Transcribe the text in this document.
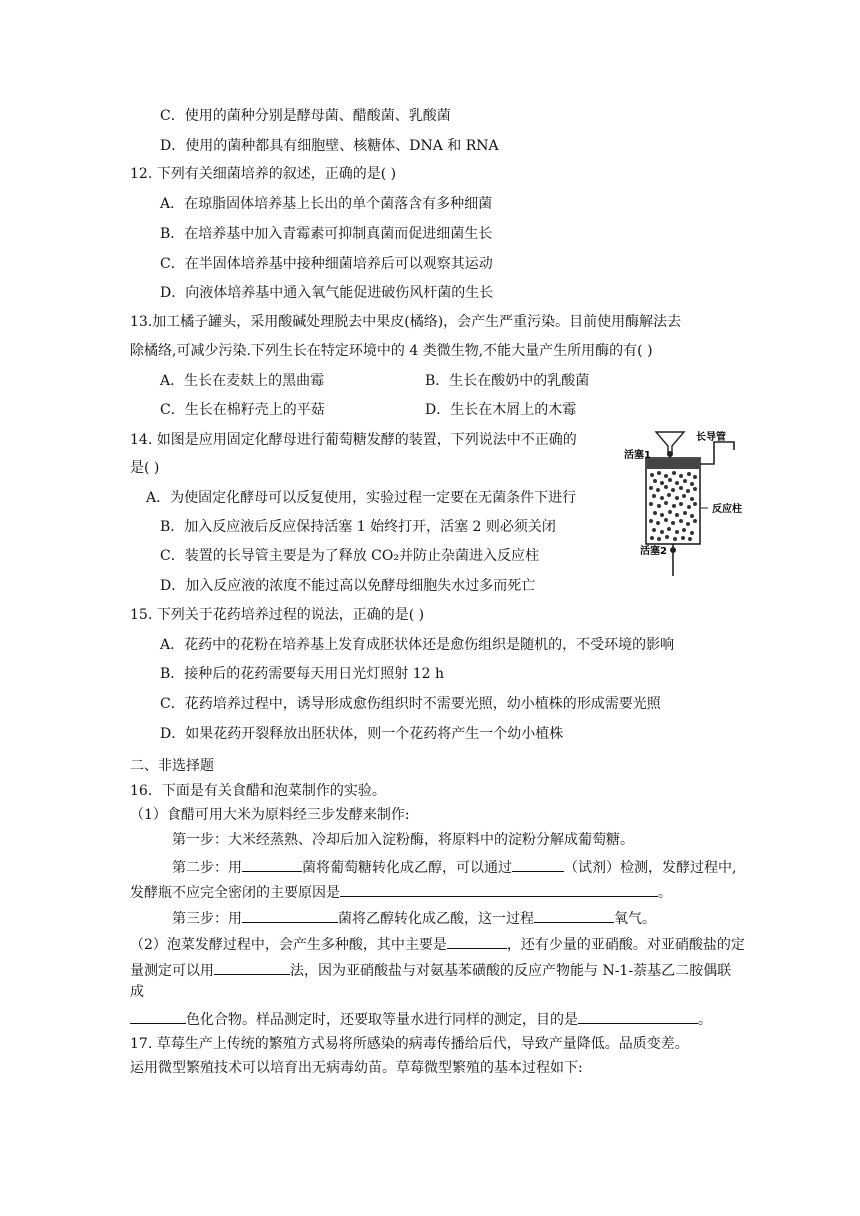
C．使用的菌种分别是酵母菌、醋酸菌、乳酸菌
D．使用的菌种都具有细胞壁、核糖体、DNA 和 RNA
12. 下列有关细菌培养的叙述，正确的是( )
A．在琼脂固体培养基上长出的单个菌落含有多种细菌
B．在培养基中加入青霉素可抑制真菌而促进细菌生长
C．在半固体培养基中接种细菌培养后可以观察其运动
D．向液体培养基中通入氧气能促进破伤风杆菌的生长
13.加工橘子罐头，采用酸碱处理脱去中果皮(橘络)，会产生严重污染。目前使用酶解法去
除橘络,可减少污染.下列生长在特定环境中的 4 类微生物,不能大量产生所用酶的有( )
A．生长在麦麸上的黑曲霉	B．生长在酸奶中的乳酸菌
C．生长在棉籽壳上的平菇	D．生长在木屑上的木霉
14. 如图是应用固定化酵母进行葡萄糖发酵的装置，下列说法中不正确的
是( )
A．为使固定化酵母可以反复使用，实验过程一定要在无菌条件下进行
B．加入反应液后反应保持活塞 1 始终打开，活塞 2 则必须关闭
C．装置的长导管主要是为了释放 CO₂并防止杂菌进入反应柱
D．加入反应液的浓度不能过高以免酵母细胞失水过多而死亡
长导管
活塞1
反应柱
活塞2
15. 下列关于花药培养过程的说法，正确的是( )
A．花药中的花粉在培养基上发育成胚状体还是愈伤组织是随机的，不受环境的影响
B．接种后的花药需要每天用日光灯照射 12 h
C．花药培养过程中，诱导形成愈伤组织时不需要光照，幼小植株的形成需要光照
D．如果花药开裂释放出胚状体，则一个花药将产生一个幼小植株
二、非选择题
16．下面是有关食醋和泡菜制作的实验。
（1）食醋可用大米为原料经三步发酵来制作:
第一步：大米经蒸熟、冷却后加入淀粉酶，将原料中的淀粉分解成葡萄糖。
第二步：用	菌将葡萄糖转化成乙醇，可以通过	（试剂）检测，发酵过程中,
发酵瓶不应完全密闭的主要原因是	。
第三步：用	菌将乙醇转化成乙酸，这一过程	氧气。
（2）泡菜发酵过程中，会产生多种酸，其中主要是	，还有少量的亚硝酸。对亚硝酸盐的定
量测定可以用	法，因为亚硝酸盐与对氨基苯磺酸的反应产物能与 N-1-萘基乙二胺偶联
成
色化合物。样品测定时，还要取等量水进行同样的测定，目的是	。
17. 草莓生产上传统的繁殖方式易将所感染的病毒传播给后代，导致产量降低。品质变差。
运用微型繁殖技术可以培育出无病毒幼苗。草莓微型繁殖的基本过程如下:
